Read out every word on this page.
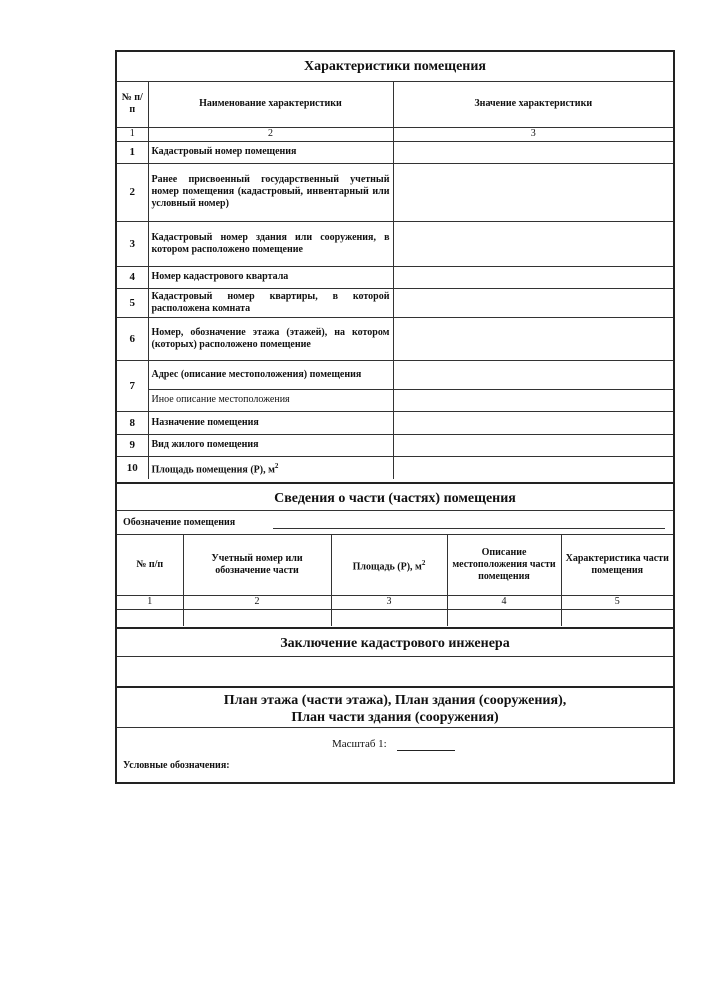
Характеристики помещения
№ п/п	Наименование характеристики	Значение характеристики
1	2	3
1	Кадастровый номер помещения	
2	Ранее присвоенный государственный учетный номер помещения (кадастровый, инвентарный или условный номер)	
3	Кадастровый номер здания или сооружения, в котором расположено помещение	
4	Номер кадастрового квартала	
5	Кадастровый номер квартиры, в которой расположена комната	
6	Номер, обозначение этажа (этажей), на котором (которых) расположено помещение	
7	Адрес (описание местоположения) помещения	
	Иное описание местоположения	
8	Назначение помещения	
9	Вид жилого помещения	
10	Площадь помещения (P), $м^2$	
Сведения о части (частях) помещения
Обозначение помещения
№ п/п	Учетный номер или обозначение части	Площадь (P), $м^2$	Описание местоположения части помещения	Характеристика части помещения
1	2	3	4	5

Заключение кадастрового инженера
План этажа (части этажа), План здания (сооружения),
План части здания (сооружения)
Масштаб 1:
Условные обозначения:
